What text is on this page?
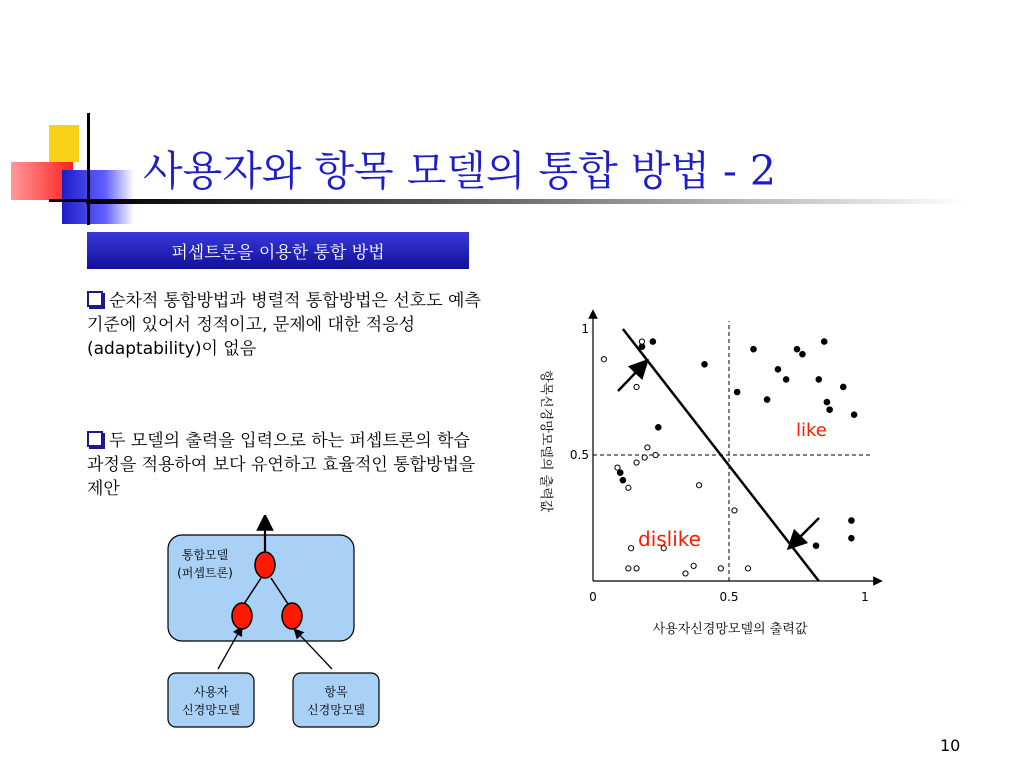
사용자와 항목 모델의 통합 방법 - 2
퍼셉트론을 이용한 통합 방법
순차적 통합방법과 병렬적 통합방법은 선호도 예측 기준에 있어서 정적이고, 문제에 대한 적응성(adaptability)이 없음
두 모델의 출력을 입력으로 하는 퍼셉트론의 학습과정을 적용하여 보다 유연하고 효율적인 통합방법을 제안
통합모델
(퍼셉트론)
사용자
신경망모델
항목
신경망모델
0	0.5	1
0.5
1
like
dislike
사용자신경망모델의 출력값
항목신경망모델의 출력값
10
